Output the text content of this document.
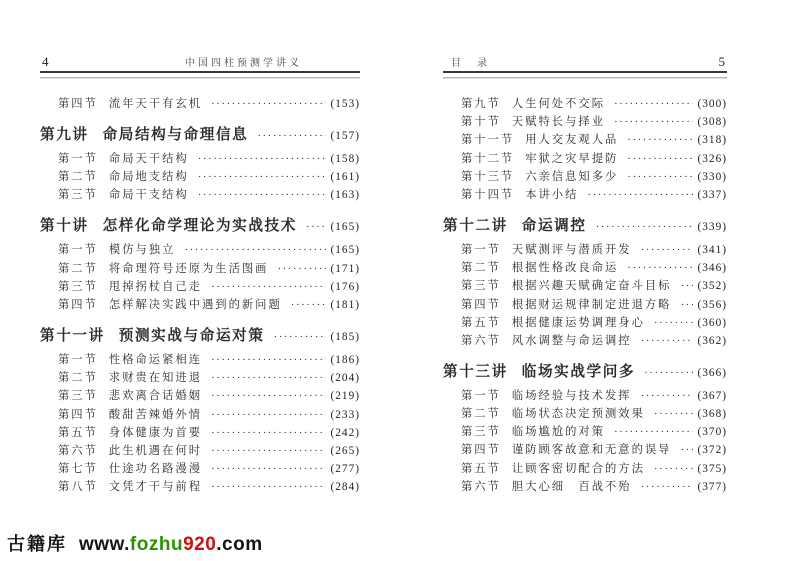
4	中国四柱预测学讲义
第四节 流年天干有玄机 ·····	(153)
第九讲 命局结构与命理信息 ·····	(157)
第一节 命局天干结构 ·····	(158)
第二节 命局地支结构 ·····	(161)
第三节 命局干支结构 ·····	(163)
第十讲 怎样化命学理论为实战技术 ·····	(165)
第一节 模仿与独立 ·····	(165)
第二节 将命理符号还原为生活图画 ·····	(171)
第三节 甩掉拐杖自己走 ·····	(176)
第四节 怎样解决实践中遇到的新问题 ·····	(181)
第十一讲 预测实战与命运对策 ·····	(185)
第一节 性格命运紧相连 ·····	(186)
第二节 求财贵在知进退 ·····	(204)
第三节 悲欢离合话婚姻 ·····	(219)
第四节 酸甜苦辣婚外情 ·····	(233)
第五节 身体健康为首要 ·····	(242)
第六节 此生机遇在何时 ·····	(265)
第七节 仕途功名路漫漫 ·····	(277)
第八节 文凭才干与前程 ·····	(284)
目　录	5
第九节 人生何处不交际 ·····	(300)
第十节 天赋特长与择业 ·····	(308)
第十一节 用人交友观人品 ·····	(318)
第十二节 牢狱之灾早提防 ·····	(326)
第十三节 六亲信息知多少 ·····	(330)
第十四节 本讲小结 ·····	(337)
第十二讲 命运调控 ·····	(339)
第一节 天赋测评与潜质开发 ·····	(341)
第二节 根据性格改良命运 ·····	(346)
第三节 根据兴趣天赋确定奋斗目标 ····· (352)
第四节 根据财运规律制定进退方略 ····· (356)
第五节 根据健康运势调理身心 ·····	(360)
第六节 风水调整与命运调控 ·····	(362)
第十三讲 临场实战学问多 ·····	(366)
第一节 临场经验与技术发挥 ·····	(367)
第二节 临场状态决定预测效果 ·····	(368)
第三节 临场尴尬的对策 ·····	(370)
第四节 谨防顾客故意和无意的误导 ····· (372)
第五节 让顾客密切配合的方法 ·····	(375)
第六节 胆大心细　百战不殆 ·····	(377)
古籍库 www.fozhu920.com
